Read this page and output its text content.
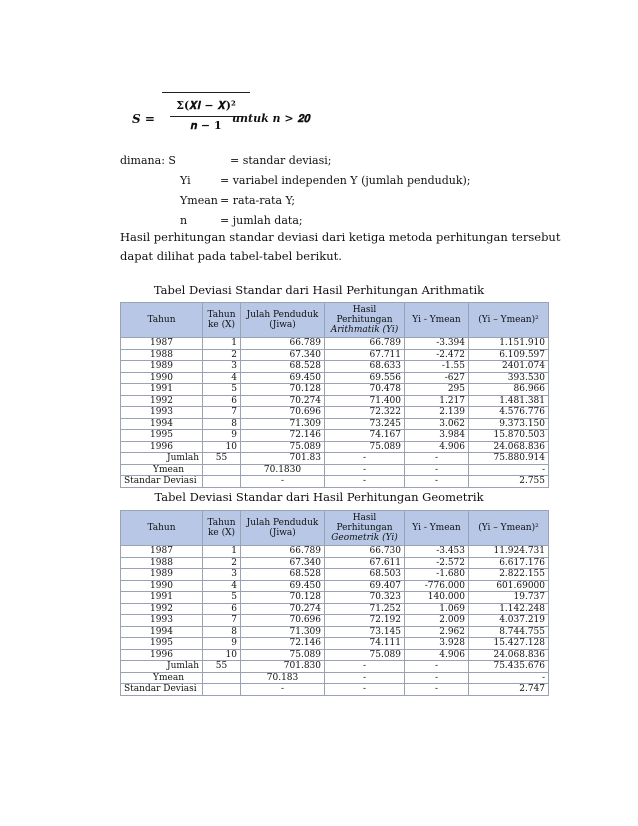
𝑺 =
𝚺(𝑿𝒊 − 𝑿)²
𝒏 − 𝟏
untuk 𝒏 > 𝟐𝟎
dimana: S	= standar deviasi;
Yi	= variabel independen Y (jumlah penduduk);
Ymean = rata-rata Y;
n	= jumlah data;
Hasil perhitungan standar deviasi dari ketiga metoda perhitungan tersebut dapat dilihat pada tabel-tabel berikut.
Tabel Deviasi Standar dari Hasil Perhitungan Arithmatik
Tahun	Tahun ke (X)	Julah Penduduk (Jiwa)	Hasil Perhitungan
Arithmatik (Yi)	Yi - Ymean	(Yi – Ymean)²
1987	1	66.789	66.789	-3.394	1.151.910
1988	2	67.340	67.711	-2.472	6.109.597
1989	3	68.528	68.633	-1.55	2401.074
1990	4	69.450	69.556	-627	393.530
1991	5	70.128	70.478	295	86.966
1992	6	70.274	71.400	1.217	1.481.381
1993	7	70.696	72.322	2.139	4.576.776
1994	8	71.309	73.245	3.062	9.373.150
1995	9	72.146	74.167	3.984	15.870.503
1996	10	75.089	75.089	4.906	24.068.836
Jumlah	55	701.83	-	-	75.880.914
Ymean		70.1830	-	-	-
Standar Deviasi		-	-	-	2.755
Tabel Deviasi Standar dari Hasil Perhitungan Geometrik
Tahun	Tahun ke (X)	Julah Penduduk (Jiwa)	Hasil Perhitungan
Geometrik (Yi)	Yi - Ymean	(Yi – Ymean)²
1987	1	66.789	66.730	-3.453	11.924.731
1988	2	67.340	67.611	-2.572	6.617.176
1989	3	68.528	68.503	-1.680	2.822.155
1990	4	69.450	69.407	-776.000	601.69000
1991	5	70.128	70.323	140.000	19.737
1992	6	70.274	71.252	1.069	1.142.248
1993	7	70.696	72.192	2.009	4.037.219
1994	8	71.309	73.145	2.962	8.744.755
1995	9	72.146	74.111	3.928	15.427.128
1996	10	75.089	75.089	4.906	24.068.836
Jumlah	55	701.830	-	-	75.435.676
Ymean		70.183	-	-	-
Standar Deviasi		-	-	-	2.747
